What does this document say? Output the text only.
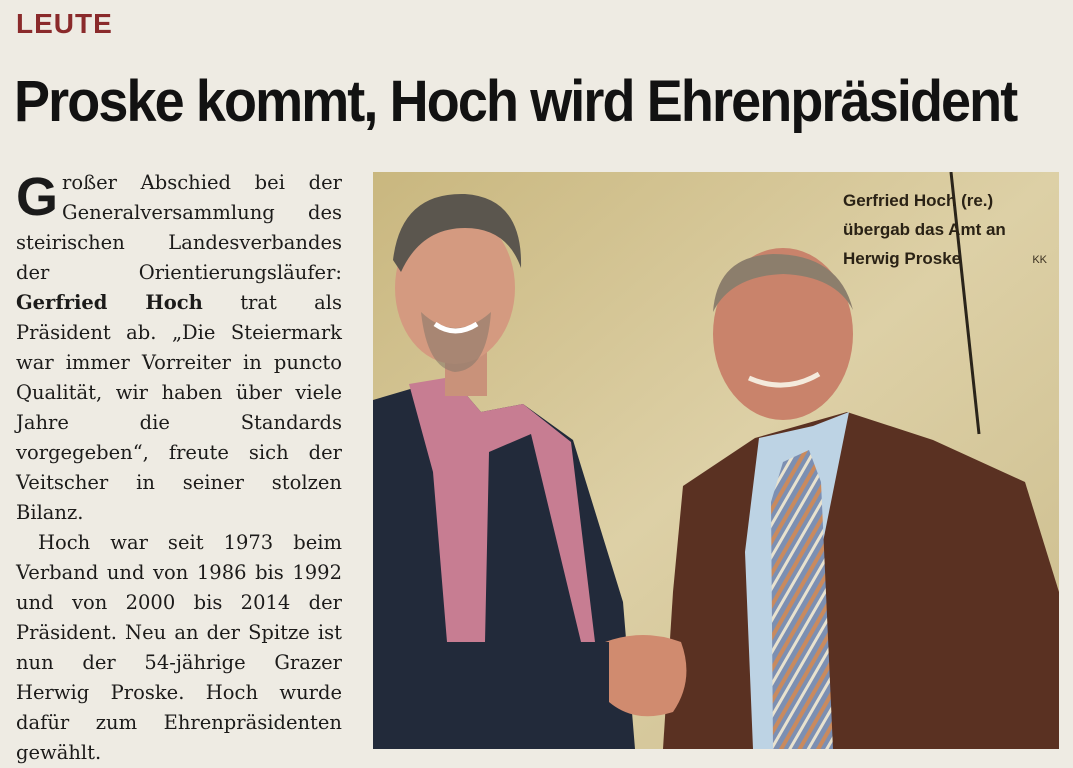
LEUTE
Proske kommt, Hoch wird Ehrenpräsident

Großer Abschied bei der Generalversammlung des steirischen Landesverbandes der Orientierungsläufer: Gerfried Hoch trat als Präsident ab. „Die Steiermark war immer Vorreiter in puncto Qualität, wir haben über viele Jahre die Standards vorgegeben“, freute sich der Veitscher in seiner stolzen Bilanz.

Hoch war seit 1973 beim Verband und von 1986 bis 1992 und von 2000 bis 2014 der Präsident. Neu an der Spitze ist nun der 54-jährige Grazer Herwig Proske. Hoch wurde dafür zum Ehrenpräsidenten gewählt.

Gerfried Hoch (re.) übergab das Amt an Herwig Proske	KK
